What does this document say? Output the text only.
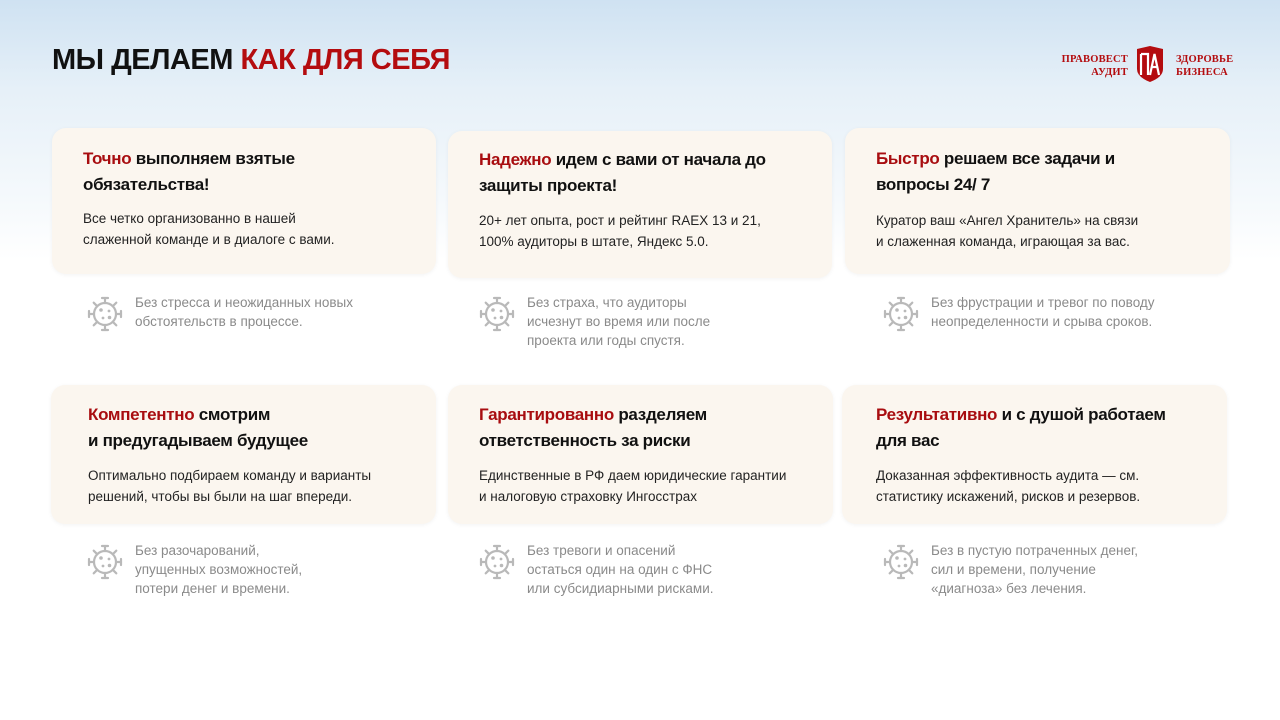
МЫ ДЕЛАЕМ КАК ДЛЯ СЕБЯ	ПРАВОВЕСТ
АУДИТ
ЗДОРОВЬЕ
БИЗНЕСА
Точно выполняем взятые
обязательства!
Все четко организованно в нашей
слаженной команде и в диалоге с вами.
Без стресса и неожиданных новых
обстоятельств в процессе.
Надежно идем с вами от начала до
защиты проекта!
20+ лет опыта, рост и рейтинг RAEX 13 и 21,
100% аудиторы в штате, Яндекс 5.0.
Без страха, что аудиторы
исчезнут во время или после
проекта или годы спустя.
Быстро решаем все задачи и
вопросы 24/ 7
Куратор ваш «Ангел Хранитель» на связи
и слаженная команда, играющая за вас.
Без фрустрации и тревог по поводу
неопределенности и срыва сроков.
Компетентно смотрим
и предугадываем будущее
Оптимально подбираем команду и варианты
решений, чтобы вы были на шаг впереди.
Без разочарований,
упущенных возможностей,
потери денег и времени.
Гарантированно разделяем
ответственность за риски
Единственные в РФ даем юридические гарантии
и налоговую страховку Ингосстрах
Без тревоги и опасений
остаться один на один с ФНС
или субсидиарными рисками.
Результативно и с душой работаем
для вас
Доказанная эффективность аудита — см.
статистику искажений, рисков и резервов.
Без в пустую потраченных денег,
сил и времени, получение
«диагноза» без лечения.
